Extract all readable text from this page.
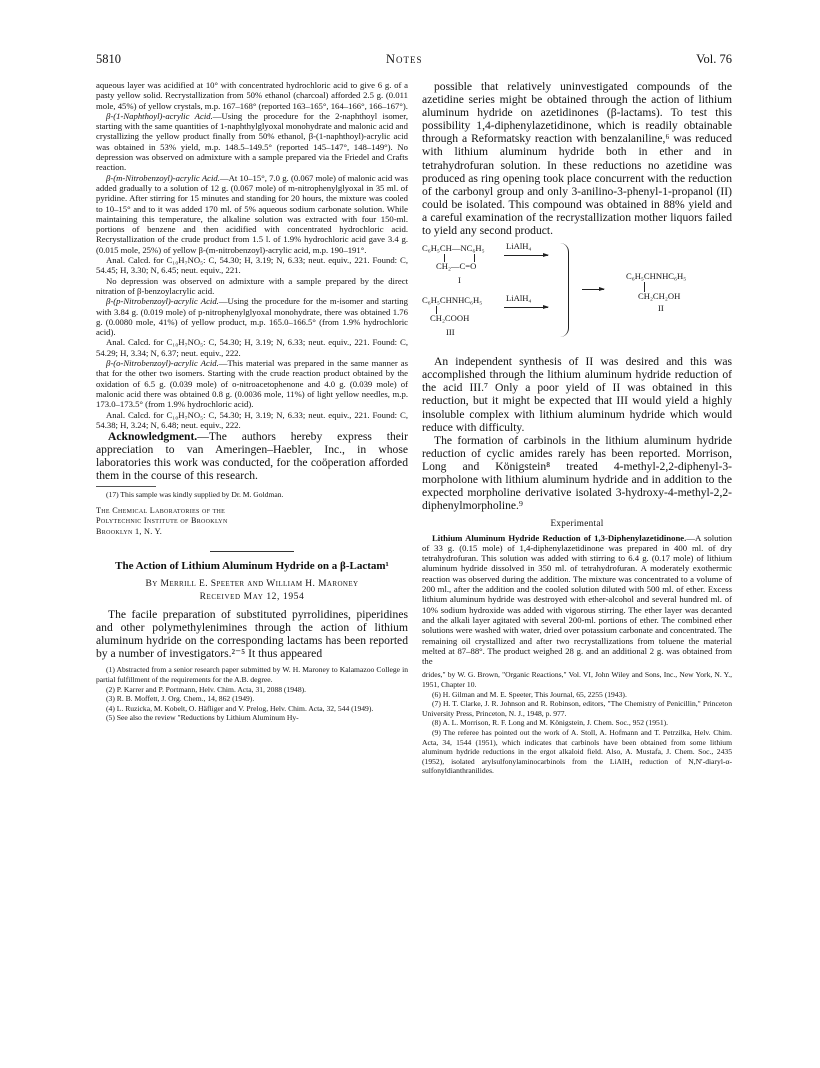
5810	Notes	Vol. 76

aqueous layer was acidified at 10° with concentrated hydrochloric acid to give 6 g. of a pasty yellow solid. Recrystallization from 50% ethanol (charcoal) afforded 2.5 g. (0.011 mole, 45%) of yellow crystals, m.p. 167–168° (reported 163–165°, 164–166°, 166–167°).

β-(1-Naphthoyl)-acrylic Acid.—Using the procedure for the 2-naphthoyl isomer, starting with the same quantities of 1-naphthylglyoxal monohydrate and malonic acid and crystallizing the yellow product finally from 50% ethanol, β-(1-naphthoyl)-acrylic acid was obtained in 53% yield, m.p. 148.5–149.5° (reported 145–147°, 148–149°). No depression was observed on admixture with a sample prepared via the Friedel and Crafts reaction.

β-(m-Nitrobenzoyl)-acrylic Acid.—At 10–15°, 7.0 g. (0.067 mole) of malonic acid was added gradually to a solution of 12 g. (0.067 mole) of m-nitrophenylglyoxal in 35 ml. of pyridine. After stirring for 15 minutes and standing for 20 hours, the mixture was cooled to 10–15° and to it was added 170 ml. of 5% aqueous sodium carbonate solution. While maintaining this temperature, the alkaline solution was extracted with four 150-ml. portions of benzene and then acidified with concentrated hydrochloric acid. Recrystallization of the crude product from 1.5 l. of 1.9% hydrochloric acid gave 3.4 g. (0.015 mole, 25%) of yellow β-(m-nitrobenzoyl)-acrylic acid, m.p. 190–191°.

Anal. Calcd. for C₁₀H₇NO₅: C, 54.30; H, 3.19; N, 6.33; neut. equiv., 221. Found: C, 54.45; H, 3.30; N, 6.45; neut. equiv., 221.

No depression was observed on admixture with a sample prepared by the direct nitration of β-benzoylacrylic acid.

β-(p-Nitrobenzoyl)-acrylic Acid.—Using the procedure for the m-isomer and starting with 3.84 g. (0.019 mole) of p-nitrophenylglyoxal monohydrate, there was obtained 1.76 g. (0.0080 mole, 41%) of yellow product, m.p. 165.0–166.5° (from 1.9% hydrochloric acid).

Anal. Calcd. for C₁₀H₇NO₅: C, 54.30; H, 3.19; N, 6.33; neut. equiv., 221. Found: C, 54.29; H, 3.34; N, 6.37; neut. equiv., 222.

β-(o-Nitrobenzoyl)-acrylic Acid.—This material was prepared in the same manner as that for the other two isomers. Starting with the crude reaction product obtained by the oxidation of 6.5 g. (0.039 mole) of o-nitroacetophenone and 4.0 g. (0.039 mole) of malonic acid there was obtained 0.8 g. (0.0036 mole, 11%) of light yellow needles, m.p. 173.0–173.5° (from 1.9% hydrochloric acid).

Anal. Calcd. for C₁₀H₇NO₅: C, 54.30; H, 3.19; N, 6.33; neut. equiv., 221. Found: C, 54.38; H, 3.24; N, 6.48; neut. equiv., 222.

Acknowledgment.—The authors hereby express their appreciation to van Ameringen–Haebler, Inc., in whose laboratories this work was conducted, for the coöperation afforded them in the course of this research.

(17) This sample was kindly supplied by Dr. M. Goldman.

The Chemical Laboratories of the
Polytechnic Institute of Brooklyn
Brooklyn 1, N. Y.
The Action of Lithium Aluminum Hydride on a β-Lactam¹
By Merrill E. Speeter and William H. Maroney
Received May 12, 1954

The facile preparation of substituted pyrrolidines, piperidines and other polymethylenimines through the action of lithium aluminum hydride on the corresponding lactams has been reported by a number of investigators.²⁻⁵ It thus appeared

(1) Abstracted from a senior research paper submitted by W. H. Maroney to Kalamazoo College in partial fulfillment of the requirements for the A.B. degree.

(2) P. Karrer and P. Portmann, Helv. Chim. Acta, 31, 2088 (1948).

(3) R. B. Moffett, J. Org. Chem., 14, 862 (1949).

(4) L. Ruzicka, M. Kobelt, O. Häfliger and V. Prelog, Helv. Chim. Acta, 32, 544 (1949).

(5) See also the review "Reductions by Lithium Aluminum Hy-

possible that relatively uninvestigated compounds of the azetidine series might be obtained through the action of lithium aluminum hydride on azetidinones (β-lactams). To test this possibility 1,4-diphenylazetidinone, which is readily obtainable through a Reformatsky reaction with benzalaniline,⁶ was reduced with lithium aluminum hydride both in ether and in tetrahydrofuran solution. In these reductions no azetidine was produced as ring opening took place concurrent with the reduction of the carbonyl group and only 3-anilino-3-phenyl-1-propanol (II) could be isolated. This compound was obtained in 88% yield and a careful examination of the recrystallization mother liquors failed to yield any second product.

C₆H₅CH—NC₆H₅
CH₂—C=O
I
LiAlH₄
C₆H₅CHNHC₆H₅
CH₂COOH
III
LiAlH₄
C₆H₅CHNHC₆H₅
CH₂CH₂OH
II

An independent synthesis of II was desired and this was accomplished through the lithium aluminum hydride reduction of the acid III.⁷ Only a poor yield of II was obtained in this reduction, but it might be expected that III would yield a highly insoluble complex with lithium aluminum hydride which would reduce with difficulty.

The formation of carbinols in the lithium aluminum hydride reduction of cyclic amides rarely has been reported. Morrison, Long and Königstein⁸ treated 4-methyl-2,2-diphenyl-3-morpholone with lithium aluminum hydride and in addition to the expected morpholine derivative isolated 3-hydroxy-4-methyl-2,2-diphenylmorpholine.⁹

Experimental

Lithium Aluminum Hydride Reduction of 1,3-Diphenylazetidinone.—A solution of 33 g. (0.15 mole) of 1,4-diphenylazetidinone was prepared in 400 ml. of dry tetrahydrofuran. This solution was added with stirring to 6.4 g. (0.17 mole) of lithium aluminum hydride dissolved in 350 ml. of tetrahydrofuran. A moderately exothermic reaction was observed during the addition. The mixture was concentrated to a volume of 200 ml., after the addition and the cooled solution diluted with 500 ml. of ether. Excess lithium aluminum hydride was destroyed with ether-alcohol and several hundred ml. of 10% sodium hydroxide was added with vigorous stirring. The ether layer was decanted and the alkali layer agitated with several 200-ml. portions of ether. The combined ether solutions were washed with water, dried over potassium carbonate and concentrated. The remaining oil crystallized and after two recrystallizations from toluene the material melted at 87–88°. The product weighed 28 g. and an additional 2 g. was obtained from the

drides," by W. G. Brown, "Organic Reactions," Vol. VI, John Wiley and Sons, Inc., New York, N. Y., 1951, Chapter 10.

(6) H. Gilman and M. E. Speeter, This Journal, 65, 2255 (1943).

(7) H. T. Clarke, J. R. Johnson and R. Robinson, editors, "The Chemistry of Penicillin," Princeton University Press, Princeton, N. J., 1948, p. 977.

(8) A. L. Morrison, R. F. Long and M. Königstein, J. Chem. Soc., 952 (1951).

(9) The referee has pointed out the work of A. Stoll, A. Hofmann and T. Petrzilka, Helv. Chim. Acta, 34, 1544 (1951), which indicates that carbinols have been obtained from some lithium aluminum hydride reductions in the ergot alkaloid field. Also, A. Mustafa, J. Chem. Soc., 2435 (1952), isolated arylsulfonylaminocarbinols from the LiAlH₄ reduction of N,N′-diaryl-α-sulfonyldianthranilides.
